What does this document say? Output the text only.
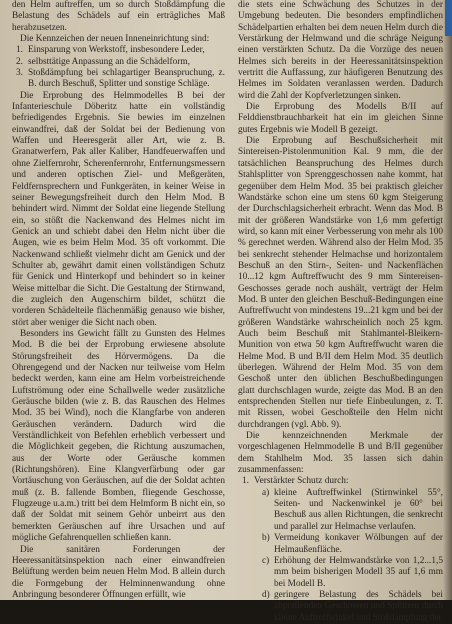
den Helm auftreffen, um so durch Stoßdämpfung die Belastung des Schädels auf ein erträgliches Maß herabzusetzen.

Die Kennzeichen der neuen Inneneinrichtung sind:

1. Einsparung von Werkstoff, insbesondere Leder,
2. selbsttätige Anpassung an die Schädelform,
3. Stoßdämpfung bei schlagartiger Beanspruchung, z. B. durch Beschuß, Splitter und sonstige Schläge.

Die Erprobung des Helmmodelles B bei der Infanterieschule Döberitz hatte ein vollständig befriedigendes Ergebnis. Sie bewies im einzelnen einwandfrei, daß der Soldat bei der Bedienung von Waffen und Heeresgerät aller Art, wie z. B. Granatwerfern, Pak aller Kaliber, Handfeuerwaffen und ohne Zielfernrohr, Scherenfernrohr, Entfernungsmessern und anderen optischen Ziel- und Meßgeräten, Feldfernsprechern und Funkgeräten, in keiner Weise in seiner Bewegungsfreiheit durch den Helm Mod. B behindert wird. Nimmt der Soldat eine liegende Stellung ein, so stößt die Nackenwand des Helmes nicht im Genick an und schiebt dabei den Helm nicht über die Augen, wie es beim Helm Mod. 35 oft vorkommt. Die Nackenwand schließt vielmehr dicht am Genick und der Schulter ab, gewährt damit einen vollständigen Schutz für Genick und Hinterkopf und behindert so in keiner Weise mittelbar die Sicht. Die Gestaltung der Stirnwand, die zugleich den Augenschirm bildet, schützt die vorderen Schädelteile flächenmäßig genauso wie bisher, stört aber weniger die Sicht nach oben.

Besonders ins Gewicht fällt zu Gunsten des Helmes Mod. B die bei der Erprobung erwiesene absolute Störungsfreiheit des Hörvermögens. Da die Ohrengegend und der Nacken nur teilweise vom Helm bedeckt werden, kann eine am Helm vorbeistreichende Luftströmung oder eine Schallwelle weder zusätzliche Geräusche bilden (wie z. B. das Rauschen des Helmes Mod. 35 bei Wind), noch die Klangfarbe von anderen Geräuschen verändern. Dadurch wird die Verständlichkeit von Befehlen erheblich verbessert und die Möglichkeit gegeben, die Richtung auszumachen, aus der Worte oder Geräusche kommen (Richtungshören). Eine Klangverfärbung oder gar Vortäuschung von Geräuschen, auf die der Soldat achten muß (z. B. fallende Bomben, fliegende Geschosse, Flugzeuge u.a.m.) tritt bei dem Helmform B nicht ein, so daß der Soldat mit seinem Gehör unbeirrt aus den bemerkten Geräuschen auf ihre Ursachen und auf mögliche Gefahrenquellen schließen kann.

Die sanitären Forderungen der Heeressanitätsinspektion nach einer einwandfreien Belüftung werden beim neuen Helm Mod. B allein durch die Formgebung der Helminnenwandung ohne Anbringung besonderer Öffnungen erfüllt, wie

die stets eine Schwächung des Schutzes in der Umgebung bedeuten. Die besonders empfindlichen Schädelpartien erhalten bei dem neuen Helm durch die Verstärkung der Helmwand und die schräge Neigung einen verstärkten Schutz. Da die Vorzüge des neuen Helmes sich bereits in der Heeressanitätsinspektion vertritt die Auffassung, zur häufigeren Benutzung des Helmes im Soldaten veranlassen werden. Dadurch wird die Zahl der Kopfverletzungen sinken.

Die Erprobung des Modells B/II auf Felddienstbrauchbarkeit hat ein im gleichen Sinne gutes Ergebnis wie Modell B gezeigt.

Die Erprobung auf Beschußsicherheit mit Sintereisen-Pistolenmunition Kal. 9 mm, die der tatsächlichen Beanspruchung des Helmes durch Stahlsplitter von Sprenggeschossen nahe kommt, hat gegenüber dem Helm Mod. 35 bei praktisch gleicher Wandstärke schon eine um stens 60 kgm Steigerung der Durchschlagsicherheit erbracht. Wenn das Mod. B mit der größeren Wandstärke von 1,6 mm gefertigt wird, so kann mit einer Verbesserung von mehr als 100 % gerechnet werden. Während also der Helm Mod. 35 bei senkrecht stehender Helmachse und horizontalem Beschuß an den Stirn-, Seiten- und Nackenflächen 10...12 kgm Auftreffwucht des 9 mm Sintereisen-Geschosses gerade noch aushält, verträgt der Helm Mod. B unter den gleichen Beschuß-Bedingungen eine Auftreffwucht von mindestens 19...21 kgm und bei der größeren Wandstärke wahrscheinlich noch 25 kgm. Auch beim Beschuß mit Stahlmantel-Bleikern-Munition von etwa 50 kgm Auftreffwucht waren die Helme Mod. B und B/II dem Helm Mod. 35 deutlich überlegen. Während der Helm Mod. 35 von dem Geschoß unter den üblichen Beschußbedingungen glatt durchschlagen wurde, zeigte das Mod. B an den entsprechenden Stellen nur tiefe Einbeulungen, z. T. mit Rissen, wobei Geschoßteile den Helm nicht durchdrangen (vgl. Abb. 9).

Die kennzeichnenden Merkmale der vorgeschlagenen Helmmodelle B und B/II gegenüber dem Stahlhelm Mod. 35 lassen sich dahin zusammenfassen:

1. Verstärkter Schutz durch:
a) kleine Auftreffwinkel (Stirnwinkel 55°, Seiten- und Nackenwinkel je 60° bei Beschuß aus allen Richtungen, die senkrecht und parallel zur Helmachse verlaufen.
b) Vermeidung konkaver Wölbungen auf der Helmaußenfläche.
c) Erhöhung der Helmwandstärke von 1,2...1,5 mm beim bisherigen Modell 35 auf 1,6 mm bei Modell B.
d) geringere Belastung des Schädels bei abprallenden Geschossen und Splittern durch kleine Auftreffwinkel und Stoßdämpfung der
